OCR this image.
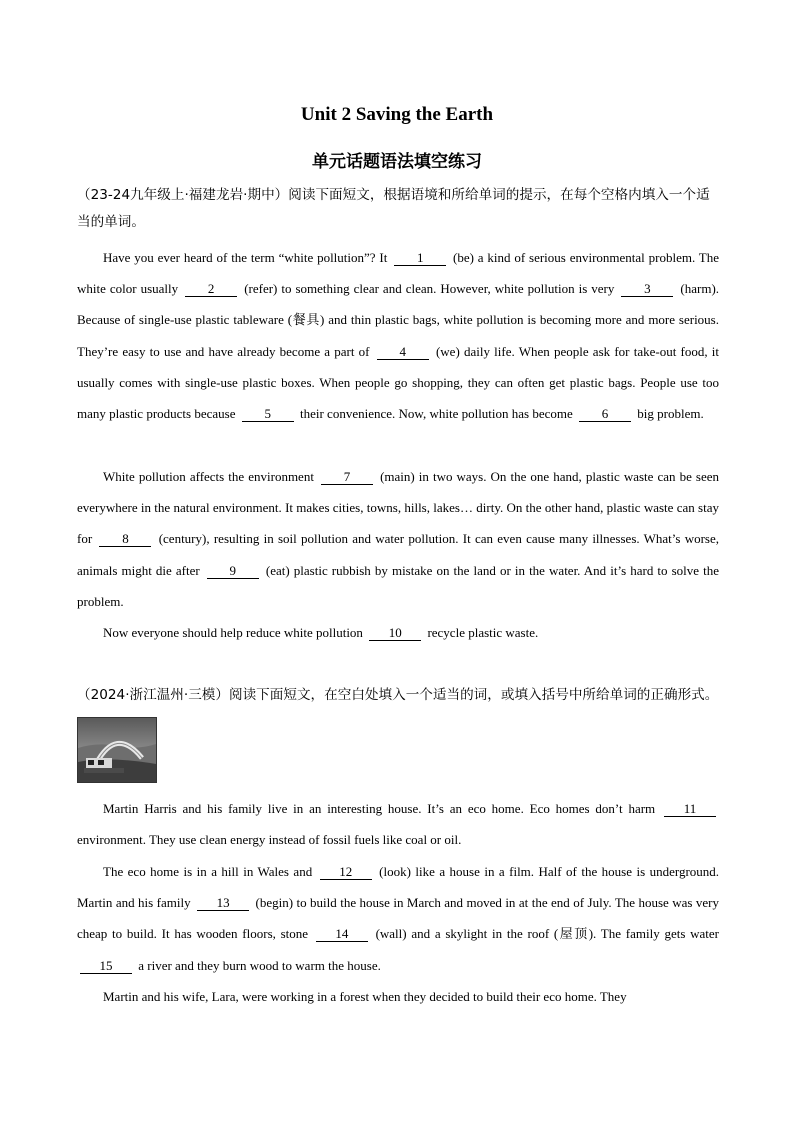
Unit 2 Saving the Earth
单元话题语法填空练习

（23-24九年级上·福建龙岩·期中）阅读下面短文，根据语境和所给单词的提示，在每个空格内填入一个适当的单词。

Have you ever heard of the term “white pollution”? It 1 (be) a kind of serious environmental problem. The white color usually 2 (refer) to something clear and clean. However, white pollution is very 3 (harm). Because of single-use plastic tableware (餐具) and thin plastic bags, white pollution is becoming more and more serious. They’re easy to use and have already become a part of 4 (we) daily life. When people ask for take-out food, it usually comes with single-use plastic boxes. When people go shopping, they can often get plastic bags. People use too many plastic products because 5 their convenience. Now, white pollution has become 6 big problem.

White pollution affects the environment 7 (main) in two ways. On the one hand, plastic waste can be seen everywhere in the natural environment. It makes cities, towns, hills, lakes… dirty. On the other hand, plastic waste can stay for 8 (century), resulting in soil pollution and water pollution. It can even cause many illnesses. What’s worse, animals might die after 9 (eat) plastic rubbish by mistake on the land or in the water. And it’s hard to solve the problem.

Now everyone should help reduce white pollution 10 recycle plastic waste.

（2024·浙江温州·三模）阅读下面短文，在空白处填入一个适当的词，或填入括号中所给单词的正确形式。

Martin Harris and his family live in an interesting house. It’s an eco home. Eco homes don’t harm 11 environment. They use clean energy instead of fossil fuels like coal or oil.

The eco home is in a hill in Wales and 12 (look) like a house in a film. Half of the house is underground. Martin and his family 13 (begin) to build the house in March and moved in at the end of July. The house was very cheap to build. It has wooden floors, stone 14 (wall) and a skylight in the roof (屋顶). The family gets water 15 a river and they burn wood to warm the house.

Martin and his wife, Lara, were working in a forest when they decided to build their eco home. They
